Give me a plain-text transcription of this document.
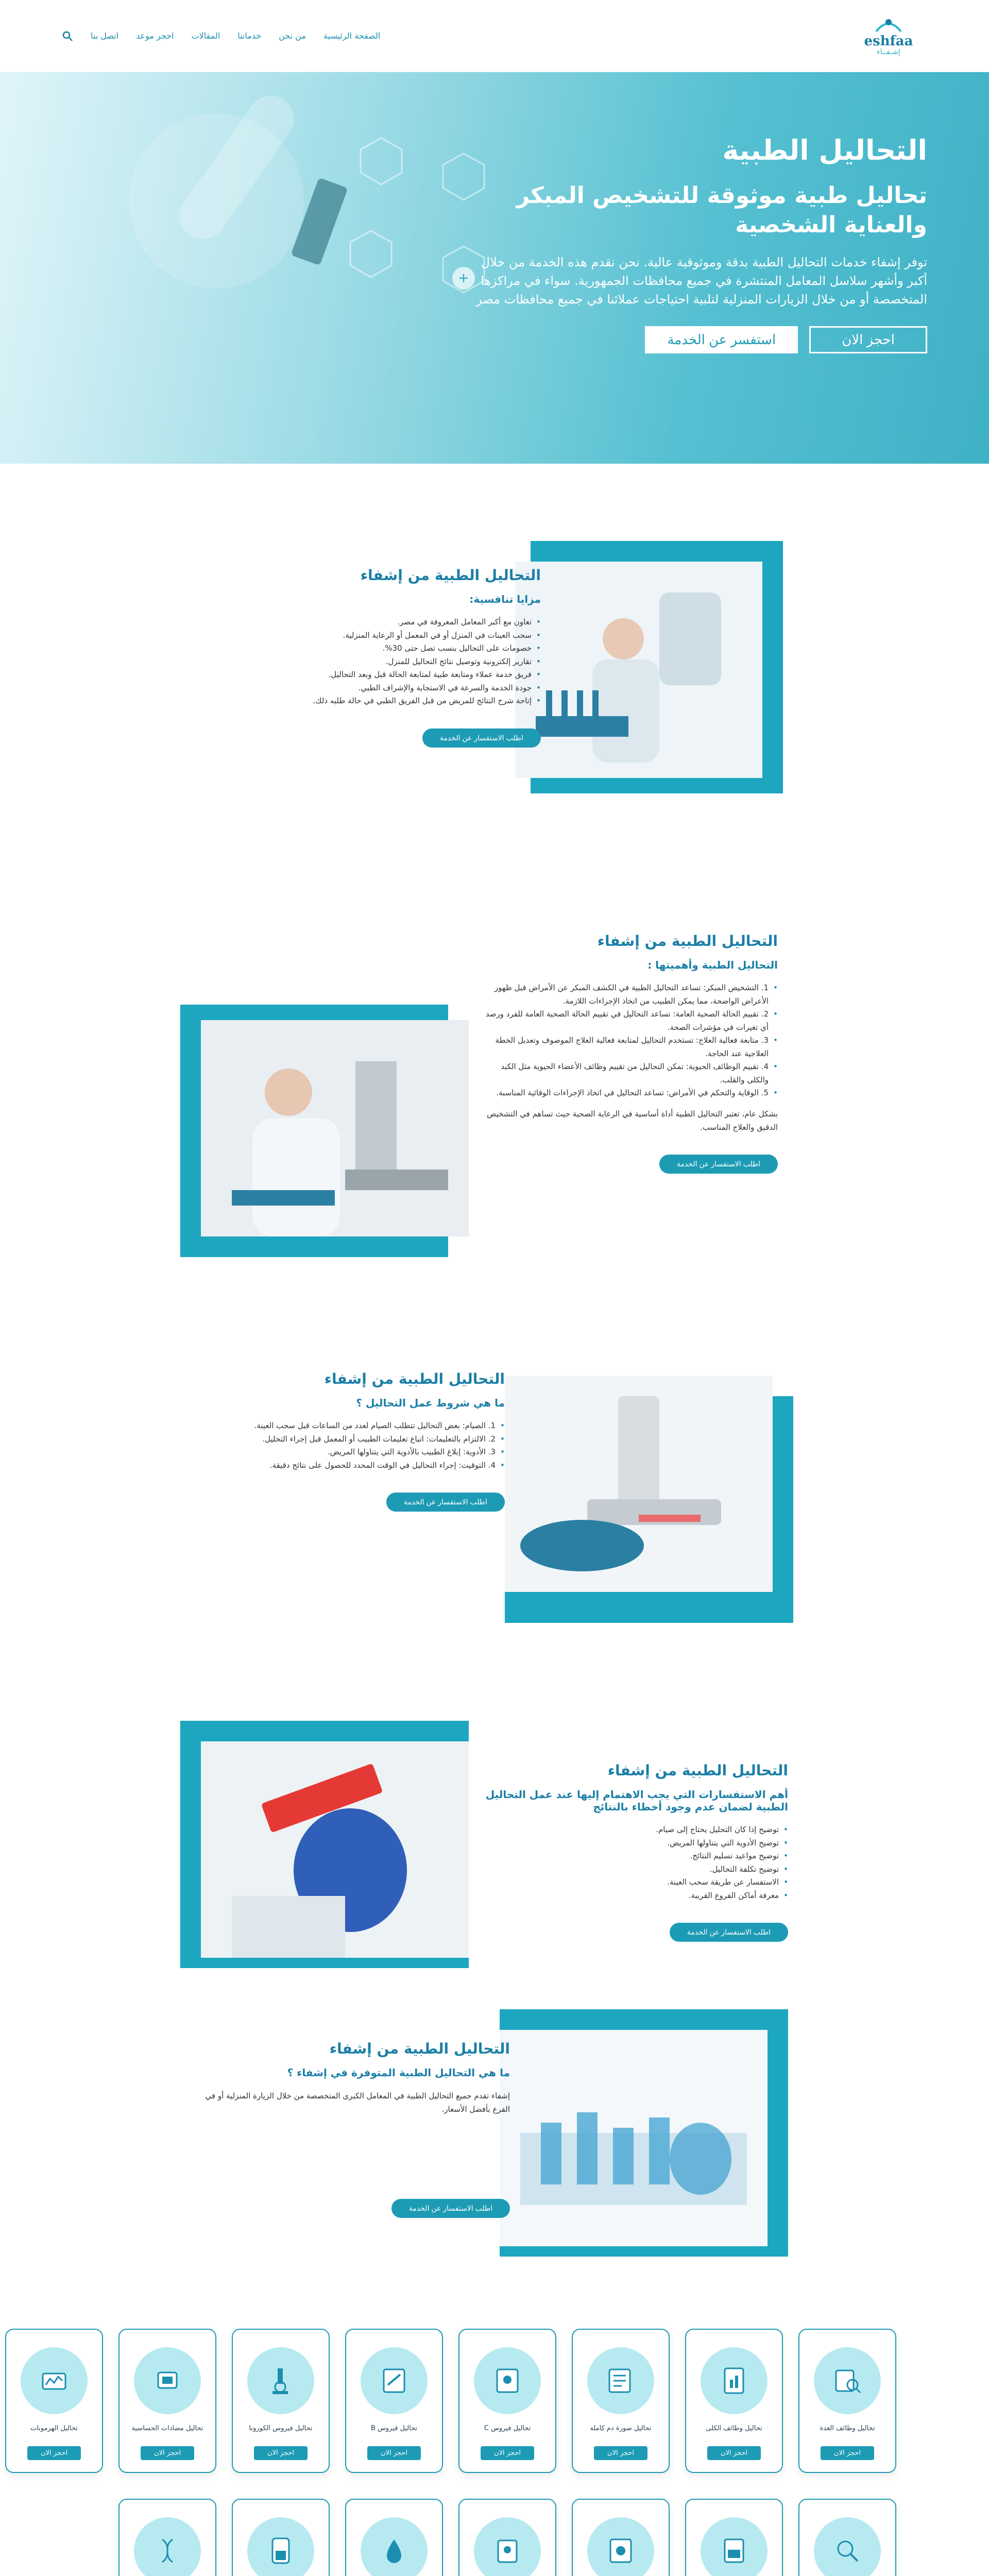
eshfaa
إشـفــاء
الصفحة الرئيسية
من نحن
خدماتنا
المقالات
احجز موعد
اتصل بنا
+
التحاليل الطبية
تحاليل طبية موثوقة للتشخيص المبكر والعناية الشخصية

توفر إشفاء خدمات التحاليل الطبية بدقة وموثوقية عالية. نحن نقدم هذه الخدمة من خلال أكبر وأشهر سلاسل المعامل المنتشرة في جميع محافظات الجمهورية. سواء في مراكزها المتخصصة أو من خلال الزيارات المنزلية لتلبية احتياجات عملائنا في جميع محافظات مصر

احجز الان
استفسر عن الخدمة
التحاليل الطبية من إشفاء
مزايا تنافسية:
• تعاون مع أكبر المعامل المعروفة في مصر.
• سحب العينات في المنزل أو في المعمل أو الرعاية المنزلية.
• خصومات على التحاليل بنسب تصل حتى 30%.
• تقارير إلكترونية وتوصيل نتائج التحاليل للمنزل.
• فريق خدمة عملاء ومتابعة طبية لمتابعة الحالة قبل وبعد التحاليل.
• جودة الخدمة والسرعة في الاستجابة والإشراف الطبي.
• إتاحة شرح النتائج للمريض من قبل الفريق الطبي في حالة طلبه ذلك.
اطلب الاستفسار عن الخدمة
التحاليل الطبية من إشفاء
التحاليل الطبية وأهميتها :
• 1. التشخيص المبكر: تساعد التحاليل الطبية في الكشف المبكر عن الأمراض قبل ظهور الأعراض الواضحة، مما يمكن الطبيب من اتخاذ الإجراءات اللازمة.
• 2. تقييم الحالة الصحية العامة: تساعد التحاليل في تقييم الحالة الصحية العامة للفرد ورصد أي تغيرات في مؤشرات الصحة.
• 3. متابعة فعالية العلاج: تستخدم التحاليل لمتابعة فعالية العلاج الموصوف وتعديل الخطة العلاجية عند الحاجة.
• 4. تقييم الوظائف الحيوية: تمكن التحاليل من تقييم وظائف الأعضاء الحيوية مثل الكبد والكلى والقلب.
• 5. الوقاية والتحكم في الأمراض: تساعد التحاليل في اتخاذ الإجراءات الوقائية المناسبة.

بشكل عام، تعتبر التحاليل الطبية أداة أساسية في الرعاية الصحية حيث تساهم في التشخيص الدقيق والعلاج المناسب.

اطلب الاستفسار عن الخدمة
التحاليل الطبية من إشفاء
ما هي شروط عمل التحاليل ؟
• 1. الصيام: بعض التحاليل تتطلب الصيام لعدد من الساعات قبل سحب العينة.
• 2. الالتزام بالتعليمات: اتباع تعليمات الطبيب أو المعمل قبل إجراء التحليل.
• 3. الأدوية: إبلاغ الطبيب بالأدوية التي يتناولها المريض.
• 4. التوقيت: إجراء التحاليل في الوقت المحدد للحصول على نتائج دقيقة.
اطلب الاستفسار عن الخدمة
التحاليل الطبية من إشفاء
أهم الاستفسارات التي يجب الاهتمام إليها عند عمل التحاليل الطبية لضمان عدم وجود أخطاء بالنتائج
• توضيح إذا كان التحليل يحتاج إلى صيام.
• توضيح الأدوية التي يتناولها المريض.
• توضيح مواعيد تسليم النتائج.
• توضيح تكلفة التحاليل.
• الاستفسار عن طريقة سحب العينة.
• معرفة أماكن الفروع القريبة.
اطلب الاستفسار عن الخدمة
التحاليل الطبية من إشفاء
ما هي التحاليل الطبية المتوفرة في إشفاء ؟

إشفاء تقدم جميع التحاليل الطبية في المعامل الكبرى المتخصصة من خلال الزيارة المنزلية أو في الفرع بأفضل الأسعار.

اطلب الاستفسار عن الخدمة
تحاليل وظائف الغدة
احجز الان
تحاليل وظائف الكلى
احجز الان
تحاليل صورة دم كاملة
احجز الان
تحاليل فيروس C
احجز الان
تحاليل فيروس B
احجز الان
تحاليل فيروس الكورونا
احجز الان
تحاليل مضادات الحساسية
احجز الان
تحاليل الهرمونات
احجز الان
